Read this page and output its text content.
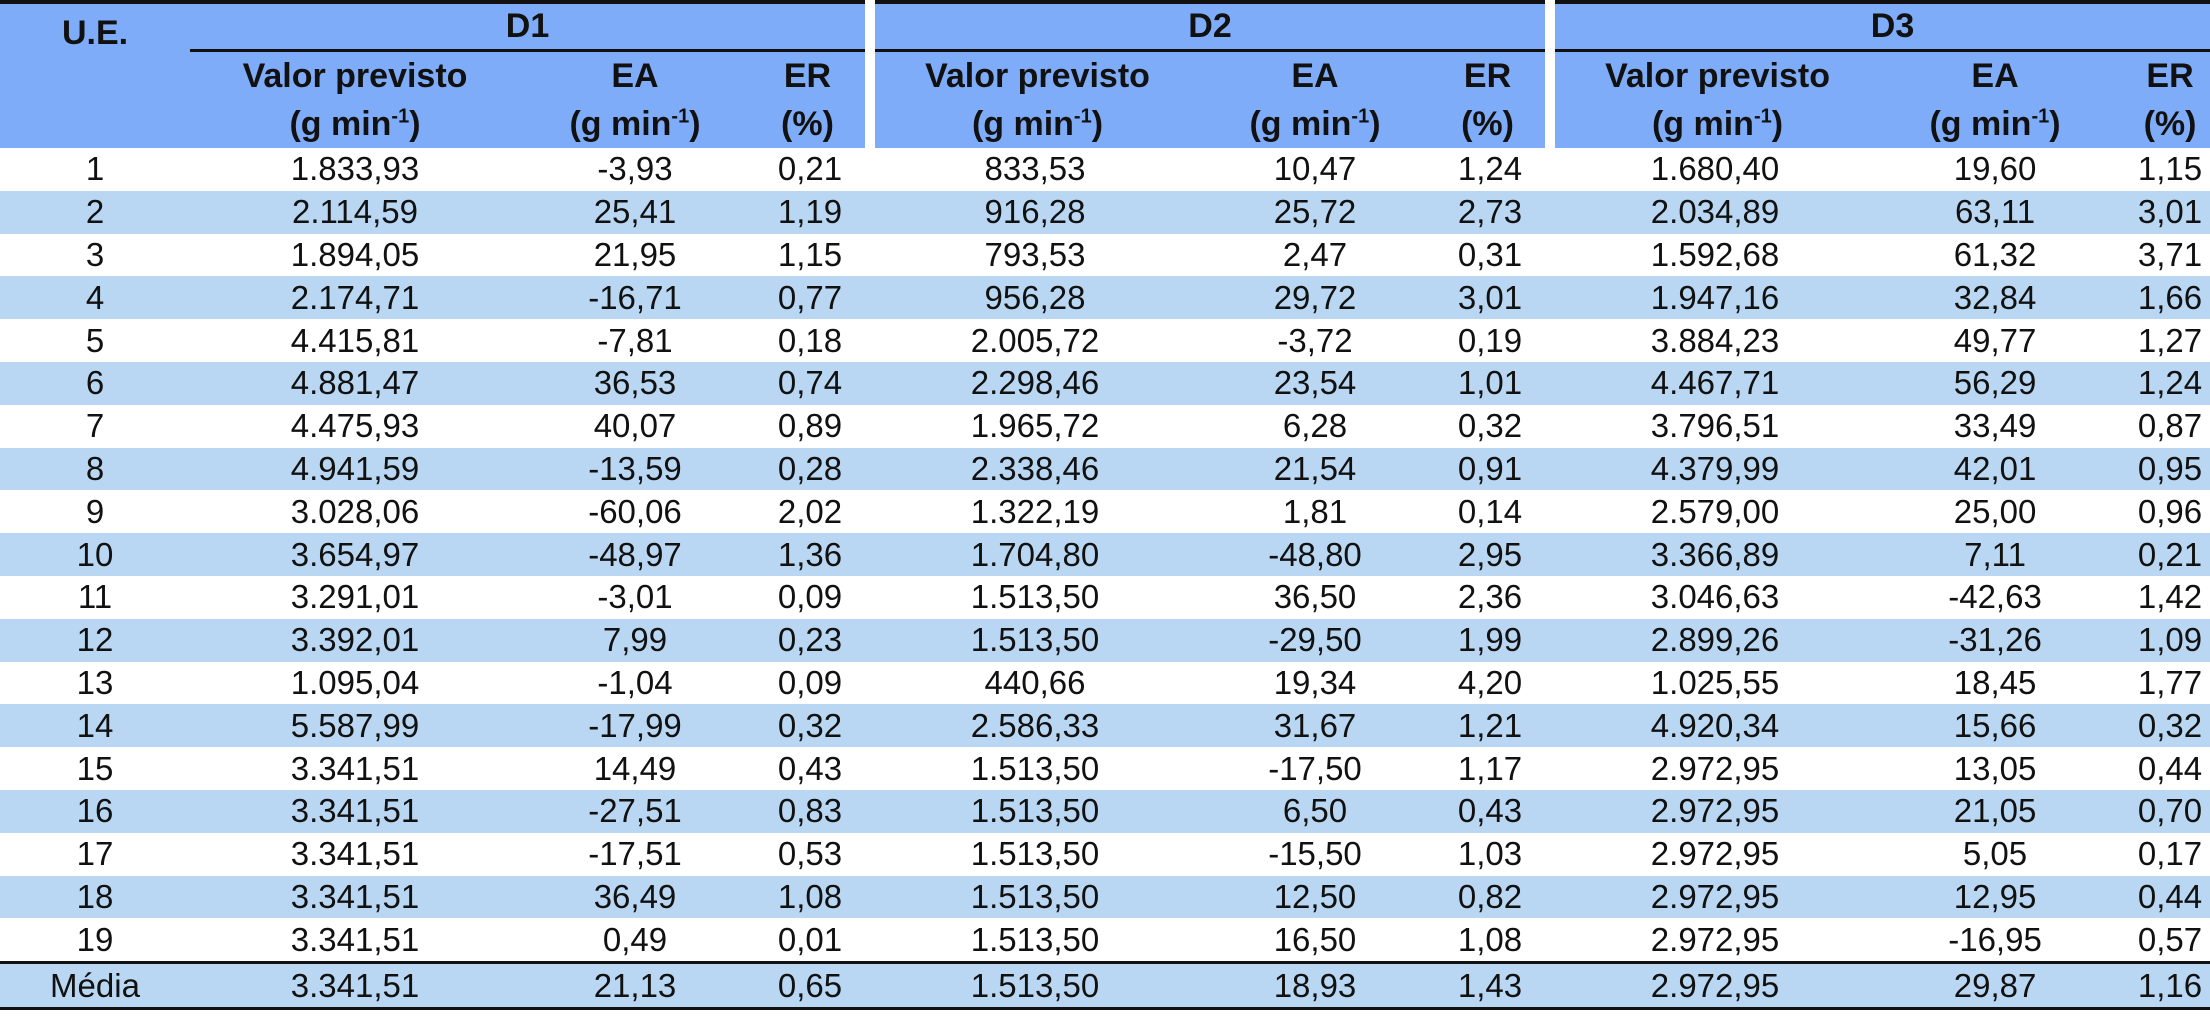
U.E.	D1			D2			D3		
	Valor previsto	EA	ER	Valor previsto	EA	ER	Valor previsto	EA	ER
	(g $\min^{-1}$)	(g $\min^{-1}$)	(%)	(g $\min^{-1}$)	(g $\min^{-1}$)	(%)	(g $\min^{-1}$)	(g $\min^{-1}$)	(%)
1	1.833,93	-3,93	0,21	833,53	10,47	1,24	1.680,40	19,60	1,15
2	2.114,59	25,41	1,19	916,28	25,72	2,73	2.034,89	63,11	3,01
3	1.894,05	21,95	1,15	793,53	2,47	0,31	1.592,68	61,32	3,71
4	2.174,71	-16,71	0,77	956,28	29,72	3,01	1.947,16	32,84	1,66
5	4.415,81	-7,81	0,18	2.005,72	-3,72	0,19	3.884,23	49,77	1,27
6	4.881,47	36,53	0,74	2.298,46	23,54	1,01	4.467,71	56,29	1,24
7	4.475,93	40,07	0,89	1.965,72	6,28	0,32	3.796,51	33,49	0,87
8	4.941,59	-13,59	0,28	2.338,46	21,54	0,91	4.379,99	42,01	0,95
9	3.028,06	-60,06	2,02	1.322,19	1,81	0,14	2.579,00	25,00	0,96
10	3.654,97	-48,97	1,36	1.704,80	-48,80	2,95	3.366,89	7,11	0,21
11	3.291,01	-3,01	0,09	1.513,50	36,50	2,36	3.046,63	-42,63	1,42
12	3.392,01	7,99	0,23	1.513,50	-29,50	1,99	2.899,26	-31,26	1,09
13	1.095,04	-1,04	0,09	440,66	19,34	4,20	1.025,55	18,45	1,77
14	5.587,99	-17,99	0,32	2.586,33	31,67	1,21	4.920,34	15,66	0,32
15	3.341,51	14,49	0,43	1.513,50	-17,50	1,17	2.972,95	13,05	0,44
16	3.341,51	-27,51	0,83	1.513,50	6,50	0,43	2.972,95	21,05	0,70
17	3.341,51	-17,51	0,53	1.513,50	-15,50	1,03	2.972,95	5,05	0,17
18	3.341,51	36,49	1,08	1.513,50	12,50	0,82	2.972,95	12,95	0,44
19	3.341,51	0,49	0,01	1.513,50	16,50	1,08	2.972,95	-16,95	0,57
Média	3.341,51	21,13	0,65	1.513,50	18,93	1,43	2.972,95	29,87	1,16
